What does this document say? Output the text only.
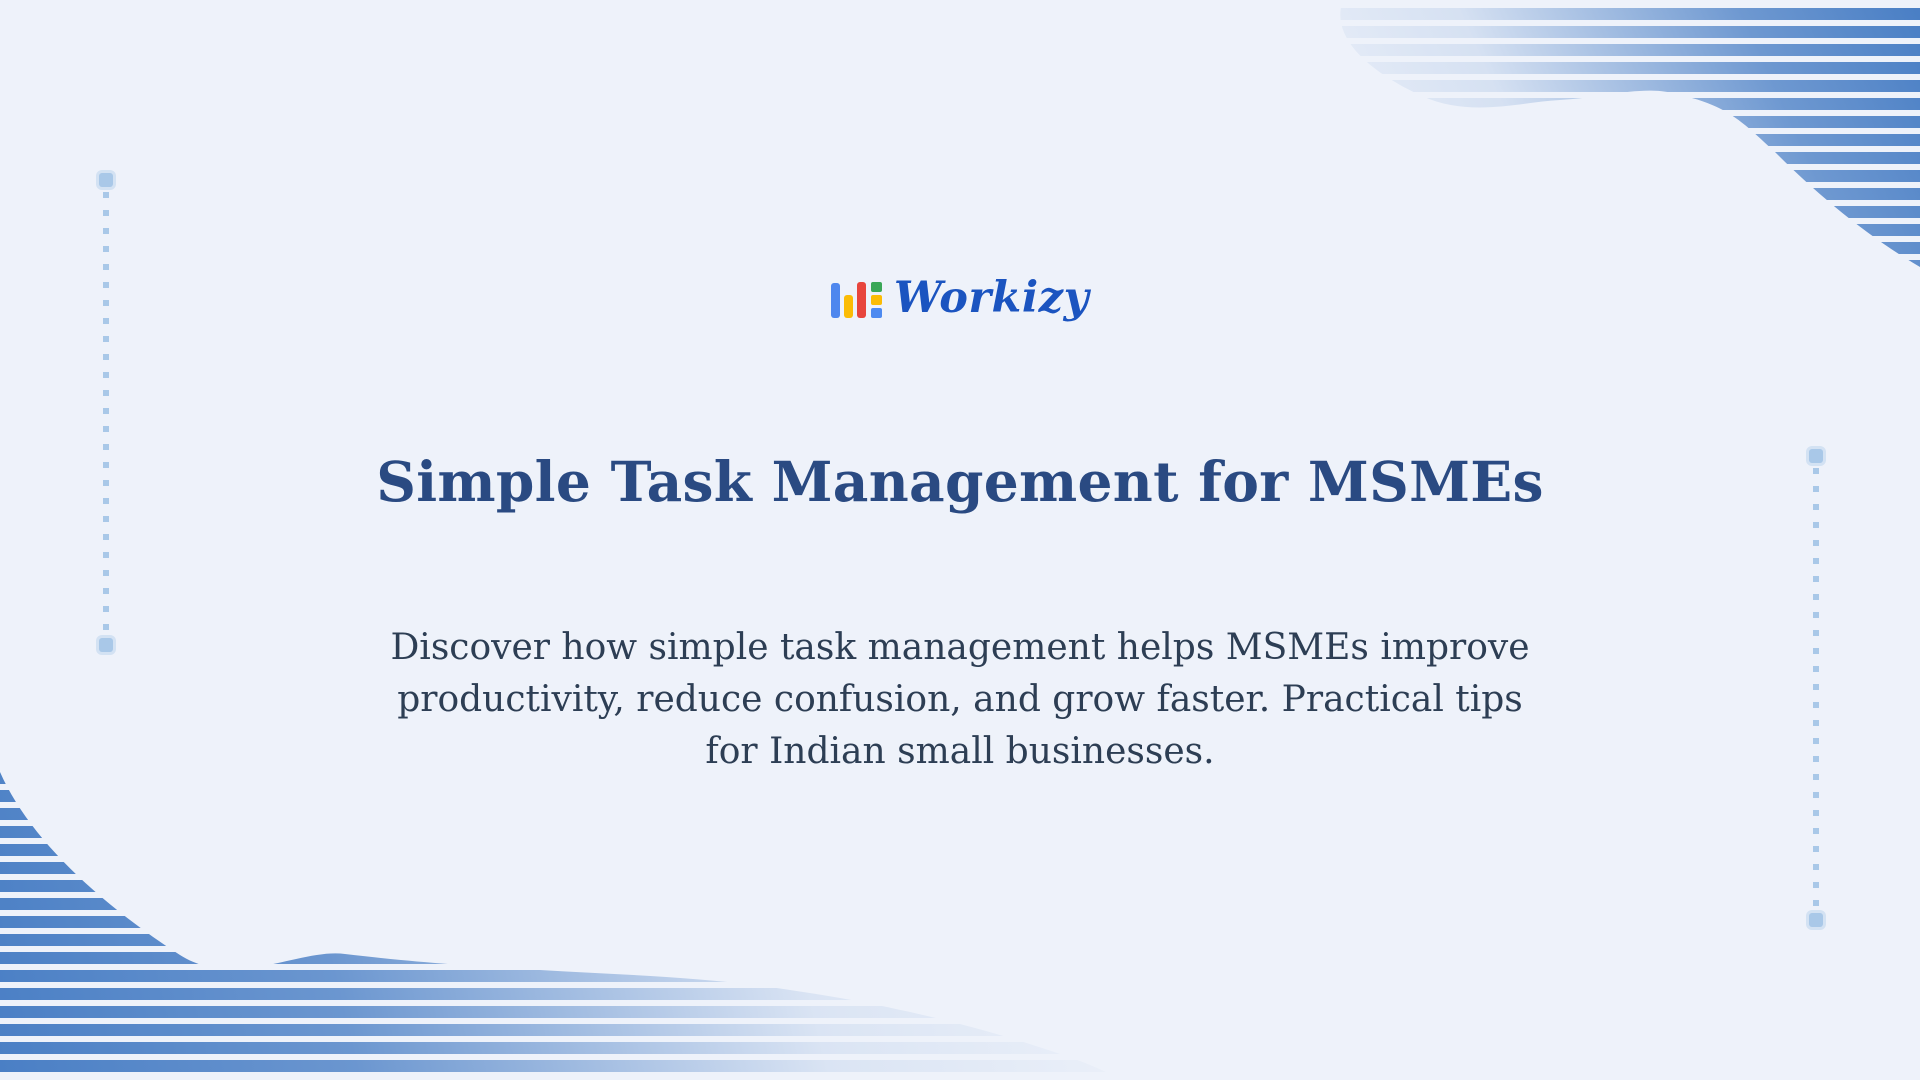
Workizy
Simple Task Management for MSMEs
Discover how simple task management helps MSMEs improve
productivity, reduce confusion, and grow faster. Practical tips
for Indian small businesses.
